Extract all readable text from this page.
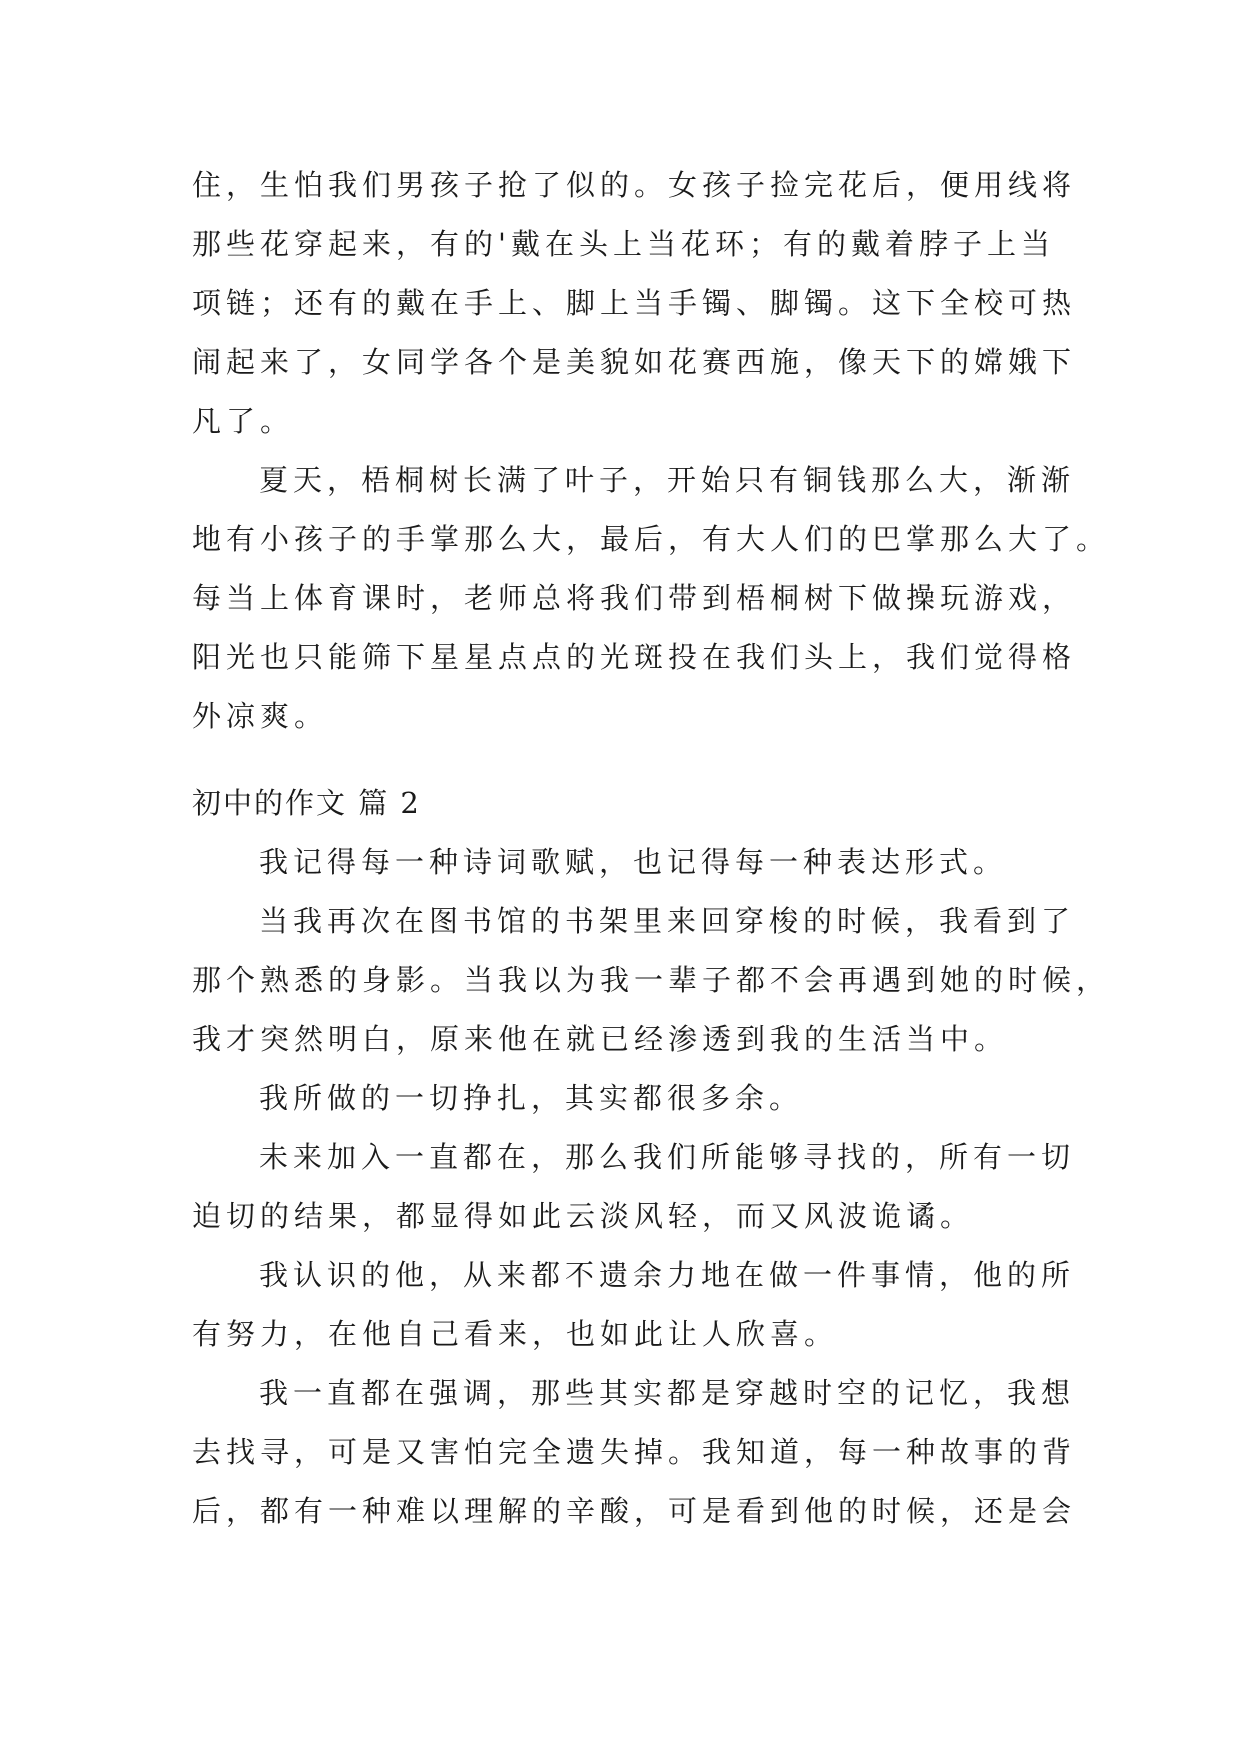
住，生怕我们男孩子抢了似的。女孩子捡完花后，便用线将
那些花穿起来，有的'戴在头上当花环；有的戴着脖子上当
项链；还有的戴在手上、脚上当手镯、脚镯。这下全校可热
闹起来了，女同学各个是美貌如花赛西施，像天下的嫦娥下
凡了。
夏天，梧桐树长满了叶子，开始只有铜钱那么大，渐渐
地有小孩子的手掌那么大，最后，有大人们的巴掌那么大了。
每当上体育课时，老师总将我们带到梧桐树下做操玩游戏，
阳光也只能筛下星星点点的光斑投在我们头上，我们觉得格
外凉爽。
初中的作文 篇 2
我记得每一种诗词歌赋，也记得每一种表达形式。
当我再次在图书馆的书架里来回穿梭的时候，我看到了
那个熟悉的身影。当我以为我一辈子都不会再遇到她的时候，
我才突然明白，原来他在就已经渗透到我的生活当中。
我所做的一切挣扎，其实都很多余。
未来加入一直都在，那么我们所能够寻找的，所有一切
迫切的结果，都显得如此云淡风轻，而又风波诡谲。
我认识的他，从来都不遗余力地在做一件事情，他的所
有努力，在他自己看来，也如此让人欣喜。
我一直都在强调，那些其实都是穿越时空的记忆，我想
去找寻，可是又害怕完全遗失掉。我知道，每一种故事的背
后，都有一种难以理解的辛酸，可是看到他的时候，还是会
